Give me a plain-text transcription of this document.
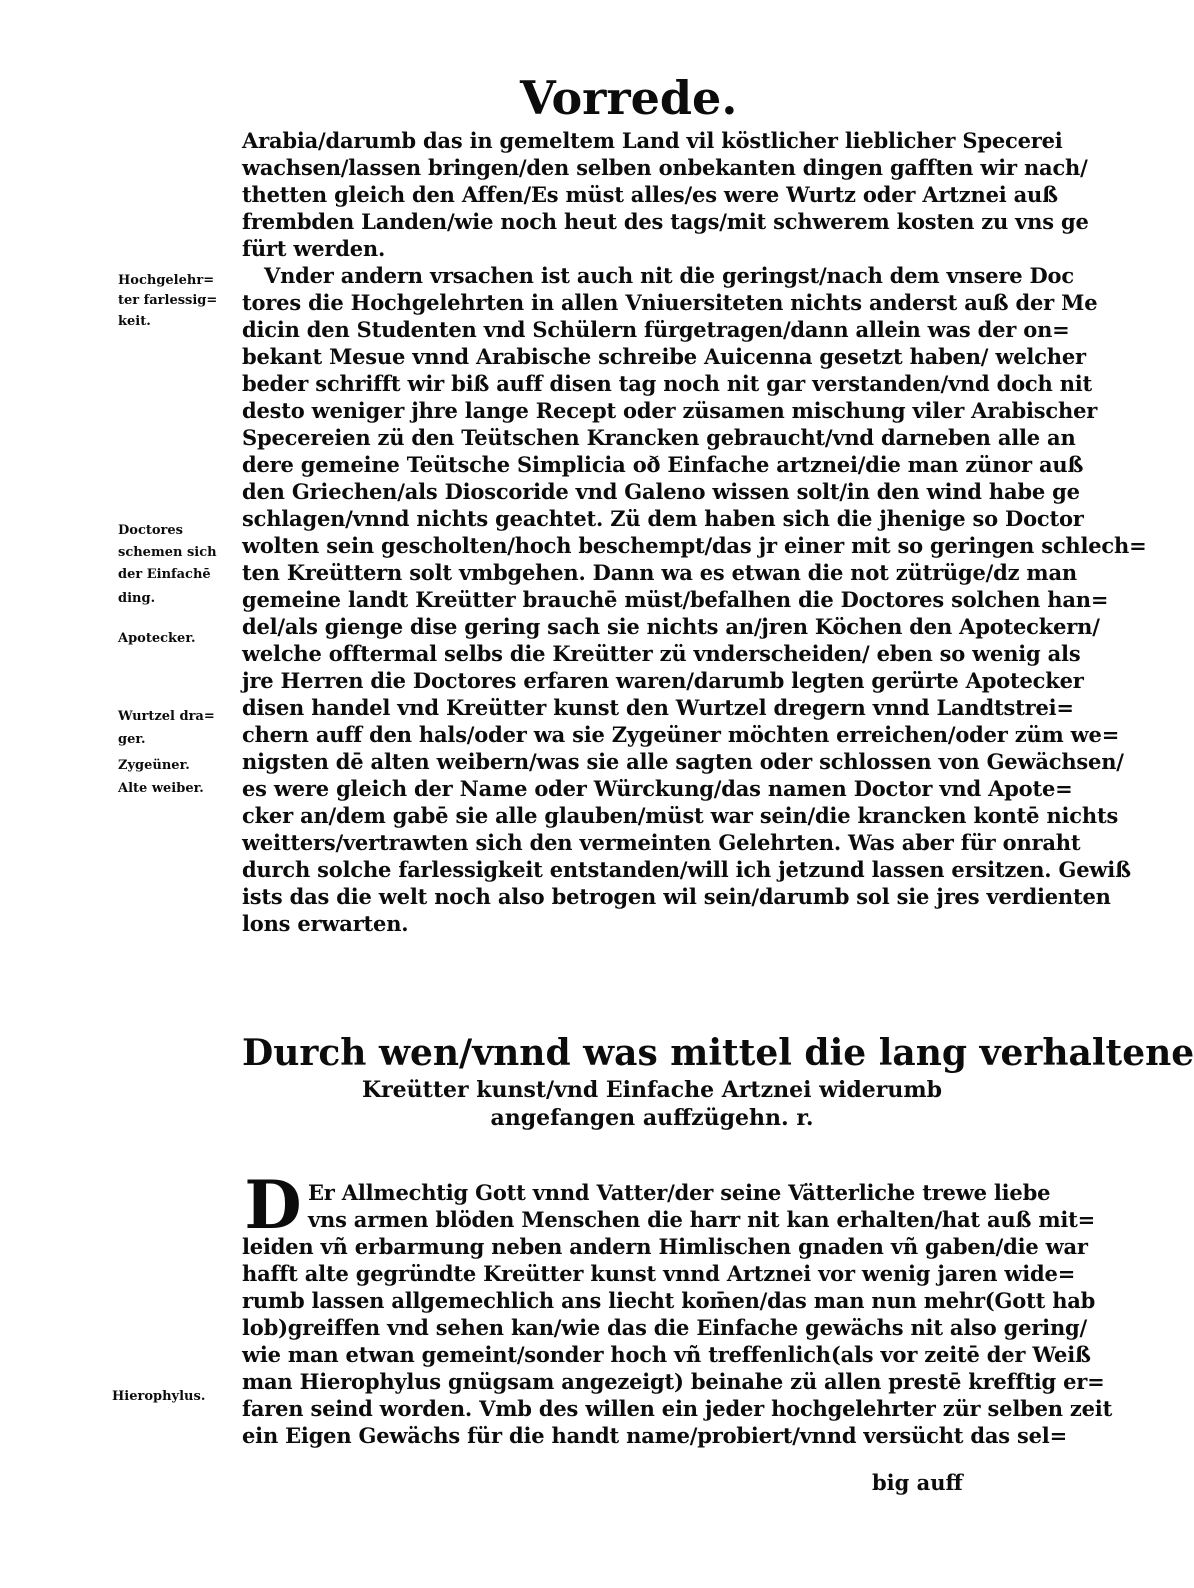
Vorrede.
Hochgelehr=
ter farlessig=
keit.
Doctores
schemen sich
der Einfachē
ding.
Apotecker.
Wurtzel dra=
ger.
Zygeüner.
Alte weiber.
Hierophylus.
Arabia/darumb das in gemeltem Land vil köstlicher lieblicher Specerei
wachsen/lassen bringen/den selben onbekanten dingen gafften wir nach/
thetten gleich den Affen/Es müst alles/es were Wurtz oder Artznei auß
frembden Landen/wie noch heut des tags/mit schwerem kosten zu vns ge
fürt werden.
Vnder andern vrsachen ist auch nit die geringst/nach dem vnsere Doc
tores die Hochgelehrten in allen Vniuersiteten nichts anderst auß der Me
dicin den Studenten vnd Schülern fürgetragen/dann allein was der on=
bekant Mesue vnnd Arabische schreibe Auicenna gesetzt haben/ welcher
beder schrifft wir biß auff disen tag noch nit gar verstanden/vnd doch nit
desto weniger jhre lange Recept oder züsamen mischung viler Arabischer
Specereien zü den Teütschen Krancken gebraucht/vnd darneben alle an
dere gemeine Teütsche Simplicia oð Einfache artznei/die man zünor auß
den Griechen/als Dioscoride vnd Galeno wissen solt/in den wind habe ge
schlagen/vnnd nichts geachtet. Zü dem haben sich die jhenige so Doctor
wolten sein gescholten/hoch beschempt/das jr einer mit so geringen schlech=
ten Kreüttern solt vmbgehen. Dann wa es etwan die not zütrüge/dz man
gemeine landt Kreütter brauchē müst/befalhen die Doctores solchen han=
del/als gienge dise gering sach sie nichts an/jren Köchen den Apoteckern/
welche offtermal selbs die Kreütter zü vnderscheiden/ eben so wenig als
jre Herren die Doctores erfaren waren/darumb legten gerürte Apotecker
disen handel vnd Kreütter kunst den Wurtzel dregern vnnd Landtstrei=
chern auff den hals/oder wa sie Zygeüner möchten erreichen/oder züm we=
nigsten dē alten weibern/was sie alle sagten oder schlossen von Gewächsen/
es were gleich der Name oder Würckung/das namen Doctor vnd Apote=
cker an/dem gabē sie alle glauben/müst war sein/die krancken kontē nichts
weitters/vertrawten sich den vermeinten Gelehrten. Was aber für onraht
durch solche farlessigkeit entstanden/will ich jetzund lassen ersitzen. Gewiß
ists das die welt noch also betrogen wil sein/darumb sol sie jres verdienten
lons erwarten.
Durch wen/vnnd was mittel die lang verhaltene
Kreütter kunst/vnd Einfache Artznei widerumb
angefangen auffzügehn. r.
D Er Allmechtig Gott vnnd Vatter/der seine Vätterliche trewe liebe
vns armen blöden Menschen die harr nit kan erhalten/hat auß mit=
leiden vñ erbarmung neben andern Himlischen gnaden vñ gaben/die war
hafft alte gegründte Kreütter kunst vnnd Artznei vor wenig jaren wide=
rumb lassen allgemechlich ans liecht kom̄en/das man nun mehr(Gott hab
lob)greiffen vnd sehen kan/wie das die Einfache gewächs nit also gering/
wie man etwan gemeint/sonder hoch vñ treffenlich(als vor zeitē der Weiß
man Hierophylus gnügsam angezeigt) beinahe zü allen prestē krefftig er=
faren seind worden. Vmb des willen ein jeder hochgelehrter zür selben zeit
ein Eigen Gewächs für die handt name/probiert/vnnd versücht das sel=
big auff
